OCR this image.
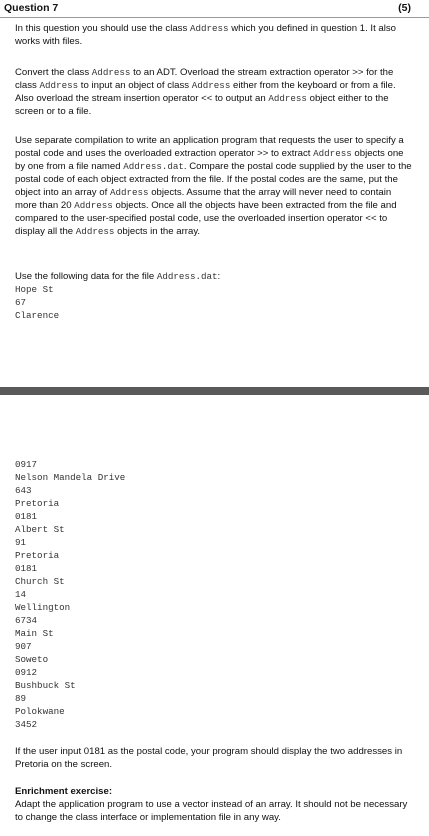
Question 7	(5)
In this question you should use the class Address which you defined in question 1. It also works with files.
Convert the class Address to an ADT. Overload the stream extraction operator >> for the class Address to input an object of class Address either from the keyboard or from a file. Also overload the stream insertion operator << to output an Address object either to the screen or to a file.
Use separate compilation to write an application program that requests the user to specify a postal code and uses the overloaded extraction operator >> to extract Address objects one by one from a file named Address.dat. Compare the postal code supplied by the user to the postal code of each object extracted from the file. If the postal codes are the same, put the object into an array of Address objects. Assume that the array will never need to contain more than 20 Address objects. Once all the objects have been extracted from the file and compared to the user-specified postal code, use the overloaded insertion operator << to display all the Address objects in the array.
Use the following data for the file Address.dat:
Hope St
67
Clarence
0917
Nelson Mandela Drive
643
Pretoria
0181
Albert St
91
Pretoria
0181
Church St
14
Wellington
6734
Main St
907
Soweto
0912
Bushbuck St
89
Polokwane
3452
If the user input 0181 as the postal code, your program should display the two addresses in Pretoria on the screen.
Enrichment exercise:
Adapt the application program to use a vector instead of an array. It should not be necessary to change the class interface or implementation file in any way.
